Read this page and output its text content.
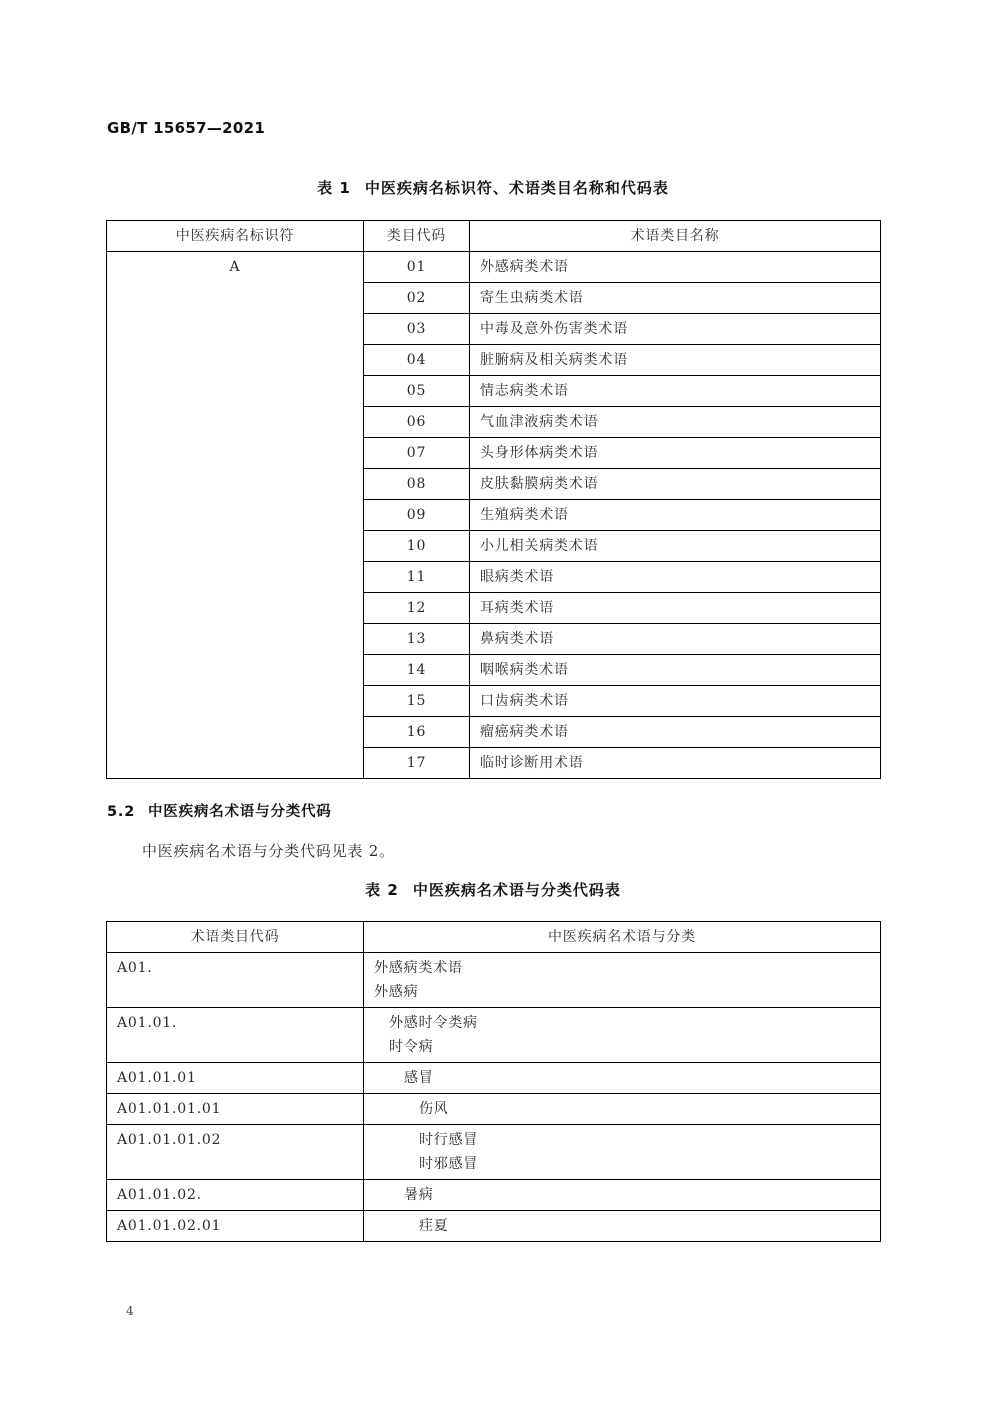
GB/T 15657—2021
表 1 中医疾病名标识符、术语类目名称和代码表
中医疾病名标识符	类目代码	术语类目名称
A	01	外感病类术语
	02	寄生虫病类术语
	03	中毒及意外伤害类术语
	04	脏腑病及相关病类术语
	05	情志病类术语
	06	气血津液病类术语
	07	头身形体病类术语
	08	皮肤黏膜病类术语
	09	生殖病类术语
	10	小儿相关病类术语
	11	眼病类术语
	12	耳病类术语
	13	鼻病类术语
	14	咽喉病类术语
	15	口齿病类术语
	16	瘤癌病类术语
	17	临时诊断用术语
5.2 中医疾病名术语与分类代码
中医疾病名术语与分类代码见表 2。
表 2 中医疾病名术语与分类代码表
术语类目代码	中医疾病名术语与分类
A01.	外感病类术语
外感病

A01.01.	外感时令类病
时令病

A01.01.01	感冒

A01.01.01.01	伤风

A01.01.01.02	时行感冒
时邪感冒

A01.01.02.	暑病

A01.01.02.01	疰夏
4
